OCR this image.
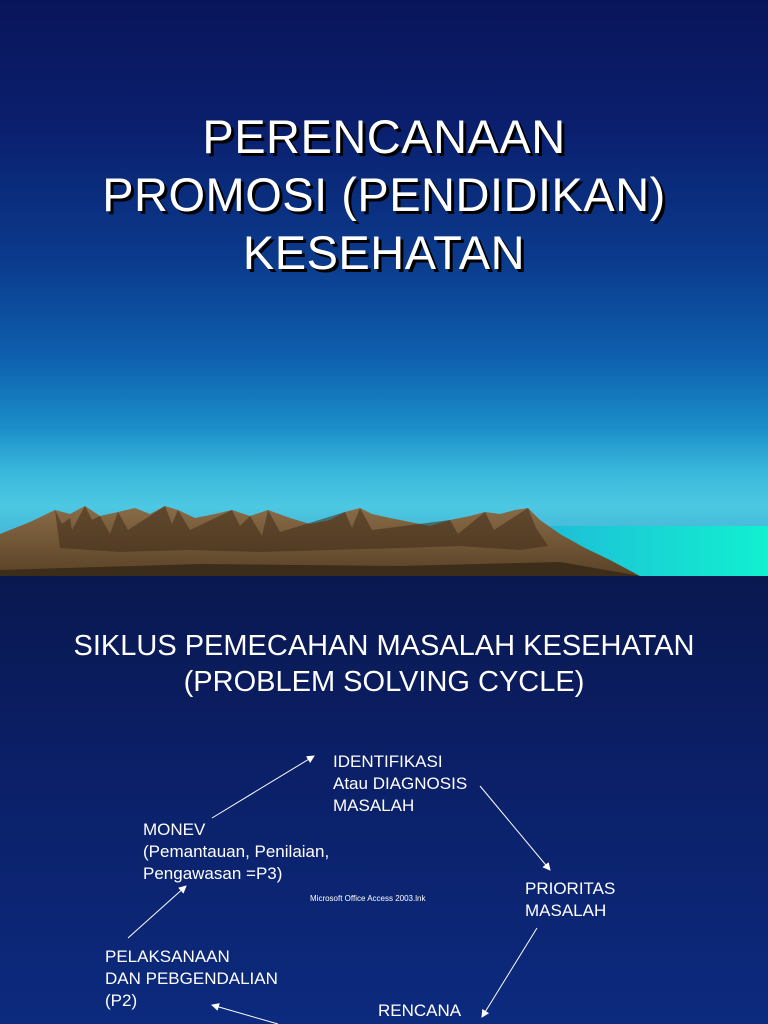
PERENCANAAN
PROMOSI (PENDIDIKAN)
KESEHATAN
SIKLUS PEMECAHAN MASALAH KESEHATAN
(PROBLEM SOLVING CYCLE)
IDENTIFIKASI
Atau DIAGNOSIS
MASALAH
MONEV
(Pemantauan, Penilaian,
Pengawasan =P3)
PRIORITAS
MASALAH
PELAKSANAAN
DAN PEBGENDALIAN
(P2)
RENCANA
Microsoft Office Access 2003.lnk
